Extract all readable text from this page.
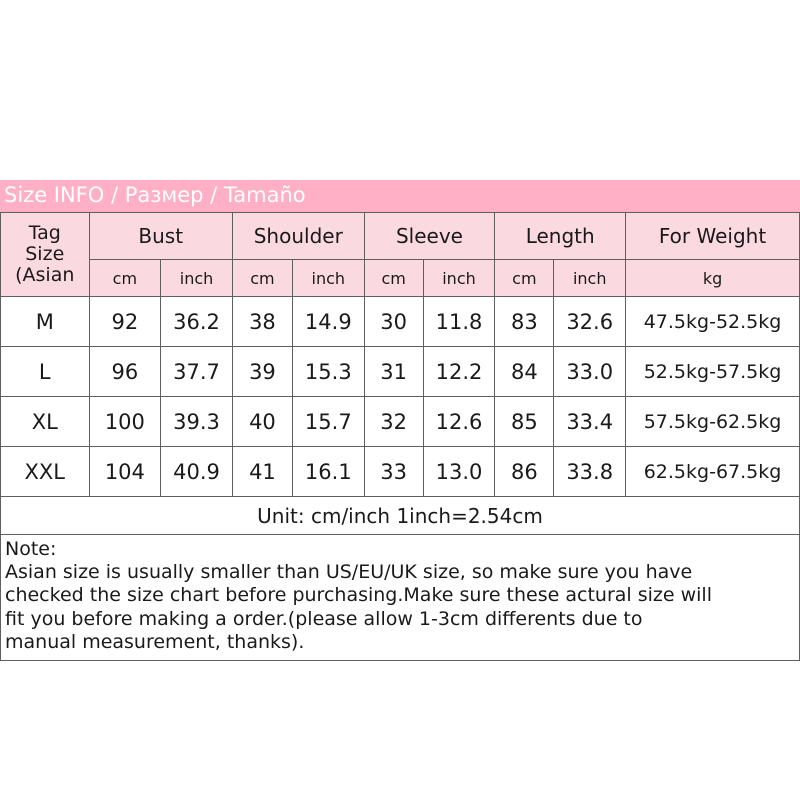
Size INFO / Размер / Tamaño
Tag
Size
(Asian	Bust		Shoulder		Sleeve		Length		For Weight
	cm	inch	cm	inch	cm	inch	cm	inch	kg
M	92	36.2	38	14.9	30	11.8	83	32.6	47.5kg-52.5kg
L	96	37.7	39	15.3	31	12.2	84	33.0	52.5kg-57.5kg
XL	100	39.3	40	15.7	32	12.6	85	33.4	57.5kg-62.5kg
XXL	104	40.9	41	16.1	33	13.0	86	33.8	62.5kg-67.5kg
Unit: cm/inch 1inch=2.54cm									

Note:
Asian size is usually smaller than US/EU/UK size, so make sure you have
checked the size chart before purchasing.Make sure these actural size will
fit you before making a order.(please allow 1-3cm differents due to
manual measurement, thanks).									
